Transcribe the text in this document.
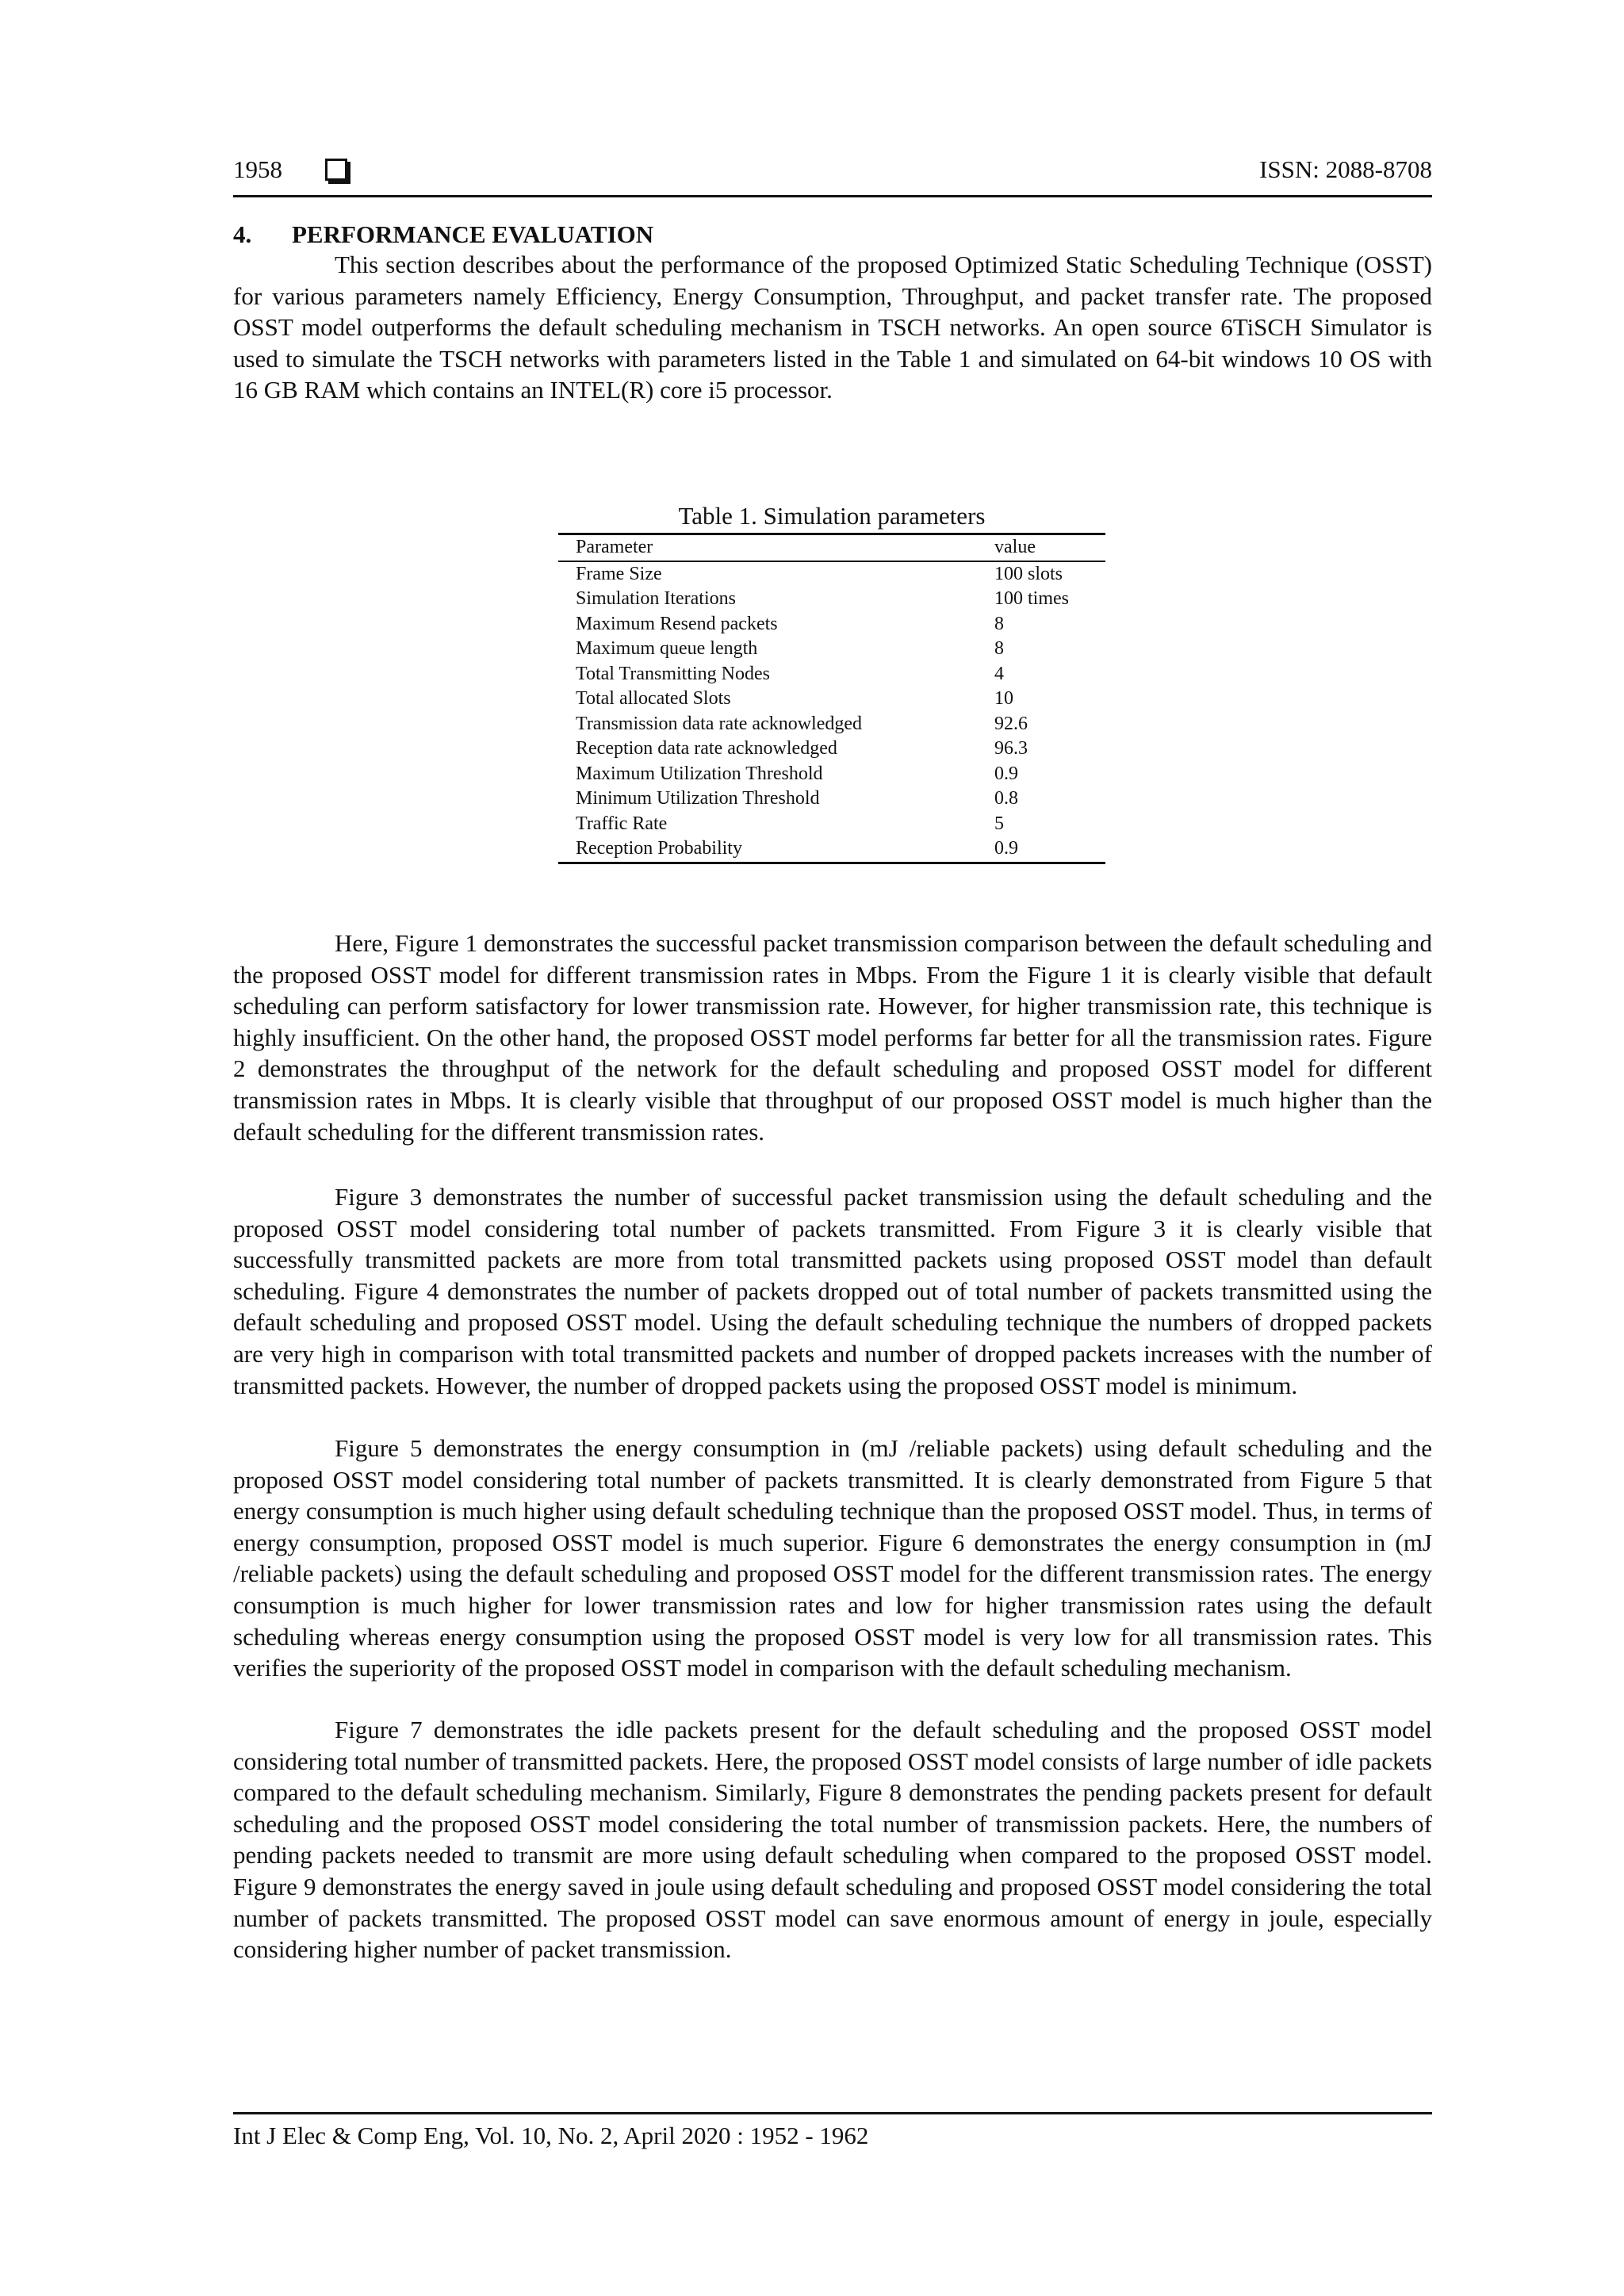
1958	ISSN: 2088-8708
4. PERFORMANCE EVALUATION

This section describes about the performance of the proposed Optimized Static Scheduling Technique (OSST) for various parameters namely Efficiency, Energy Consumption, Throughput, and packet transfer rate. The proposed OSST model outperforms the default scheduling mechanism in TSCH networks. An open source 6TiSCH Simulator is used to simulate the TSCH networks with parameters listed in the Table 1 and simulated on 64-bit windows 10 OS with 16 GB RAM which contains an INTEL(R) core i5 processor.

Table 1. Simulation parameters
Parameter	value
Frame Size	100 slots
Simulation Iterations	100 times
Maximum Resend packets	8
Maximum queue length	8
Total Transmitting Nodes	4
Total allocated Slots	10
Transmission data rate acknowledged	92.6
Reception data rate acknowledged	96.3
Maximum Utilization Threshold	0.9
Minimum Utilization Threshold	0.8
Traffic Rate	5
Reception Probability	0.9

Here, Figure 1 demonstrates the successful packet transmission comparison between the default scheduling and the proposed OSST model for different transmission rates in Mbps. From the Figure 1 it is clearly visible that default scheduling can perform satisfactory for lower transmission rate. However, for higher transmission rate, this technique is highly insufficient. On the other hand, the proposed OSST model performs far better for all the transmission rates. Figure 2 demonstrates the throughput of the network for the default scheduling and proposed OSST model for different transmission rates in Mbps. It is clearly visible that throughput of our proposed OSST model is much higher than the default scheduling for the different transmission rates.

Figure 3 demonstrates the number of successful packet transmission using the default scheduling and the proposed OSST model considering total number of packets transmitted. From Figure 3 it is clearly visible that successfully transmitted packets are more from total transmitted packets using proposed OSST model than default scheduling. Figure 4 demonstrates the number of packets dropped out of total number of packets transmitted using the default scheduling and proposed OSST model. Using the default scheduling technique the numbers of dropped packets are very high in comparison with total transmitted packets and number of dropped packets increases with the number of transmitted packets. However, the number of dropped packets using the proposed OSST model is minimum.

Figure 5 demonstrates the energy consumption in (mJ /reliable packets) using default scheduling and the proposed OSST model considering total number of packets transmitted. It is clearly demonstrated from Figure 5 that energy consumption is much higher using default scheduling technique than the proposed OSST model. Thus, in terms of energy consumption, proposed OSST model is much superior. Figure 6 demonstrates the energy consumption in (mJ /reliable packets) using the default scheduling and proposed OSST model for the different transmission rates. The energy consumption is much higher for lower transmission rates and low for higher transmission rates using the default scheduling whereas energy consumption using the proposed OSST model is very low for all transmission rates. This verifies the superiority of the proposed OSST model in comparison with the default scheduling mechanism.

Figure 7 demonstrates the idle packets present for the default scheduling and the proposed OSST model considering total number of transmitted packets. Here, the proposed OSST model consists of large number of idle packets compared to the default scheduling mechanism. Similarly, Figure 8 demonstrates the pending packets present for default scheduling and the proposed OSST model considering the total number of transmission packets. Here, the numbers of pending packets needed to transmit are more using default scheduling when compared to the proposed OSST model. Figure 9 demonstrates the energy saved in joule using default scheduling and proposed OSST model considering the total number of packets transmitted. The proposed OSST model can save enormous amount of energy in joule, especially considering higher number of packet transmission.

Int J Elec & Comp Eng, Vol. 10, No. 2, April 2020 : 1952 - 1962
